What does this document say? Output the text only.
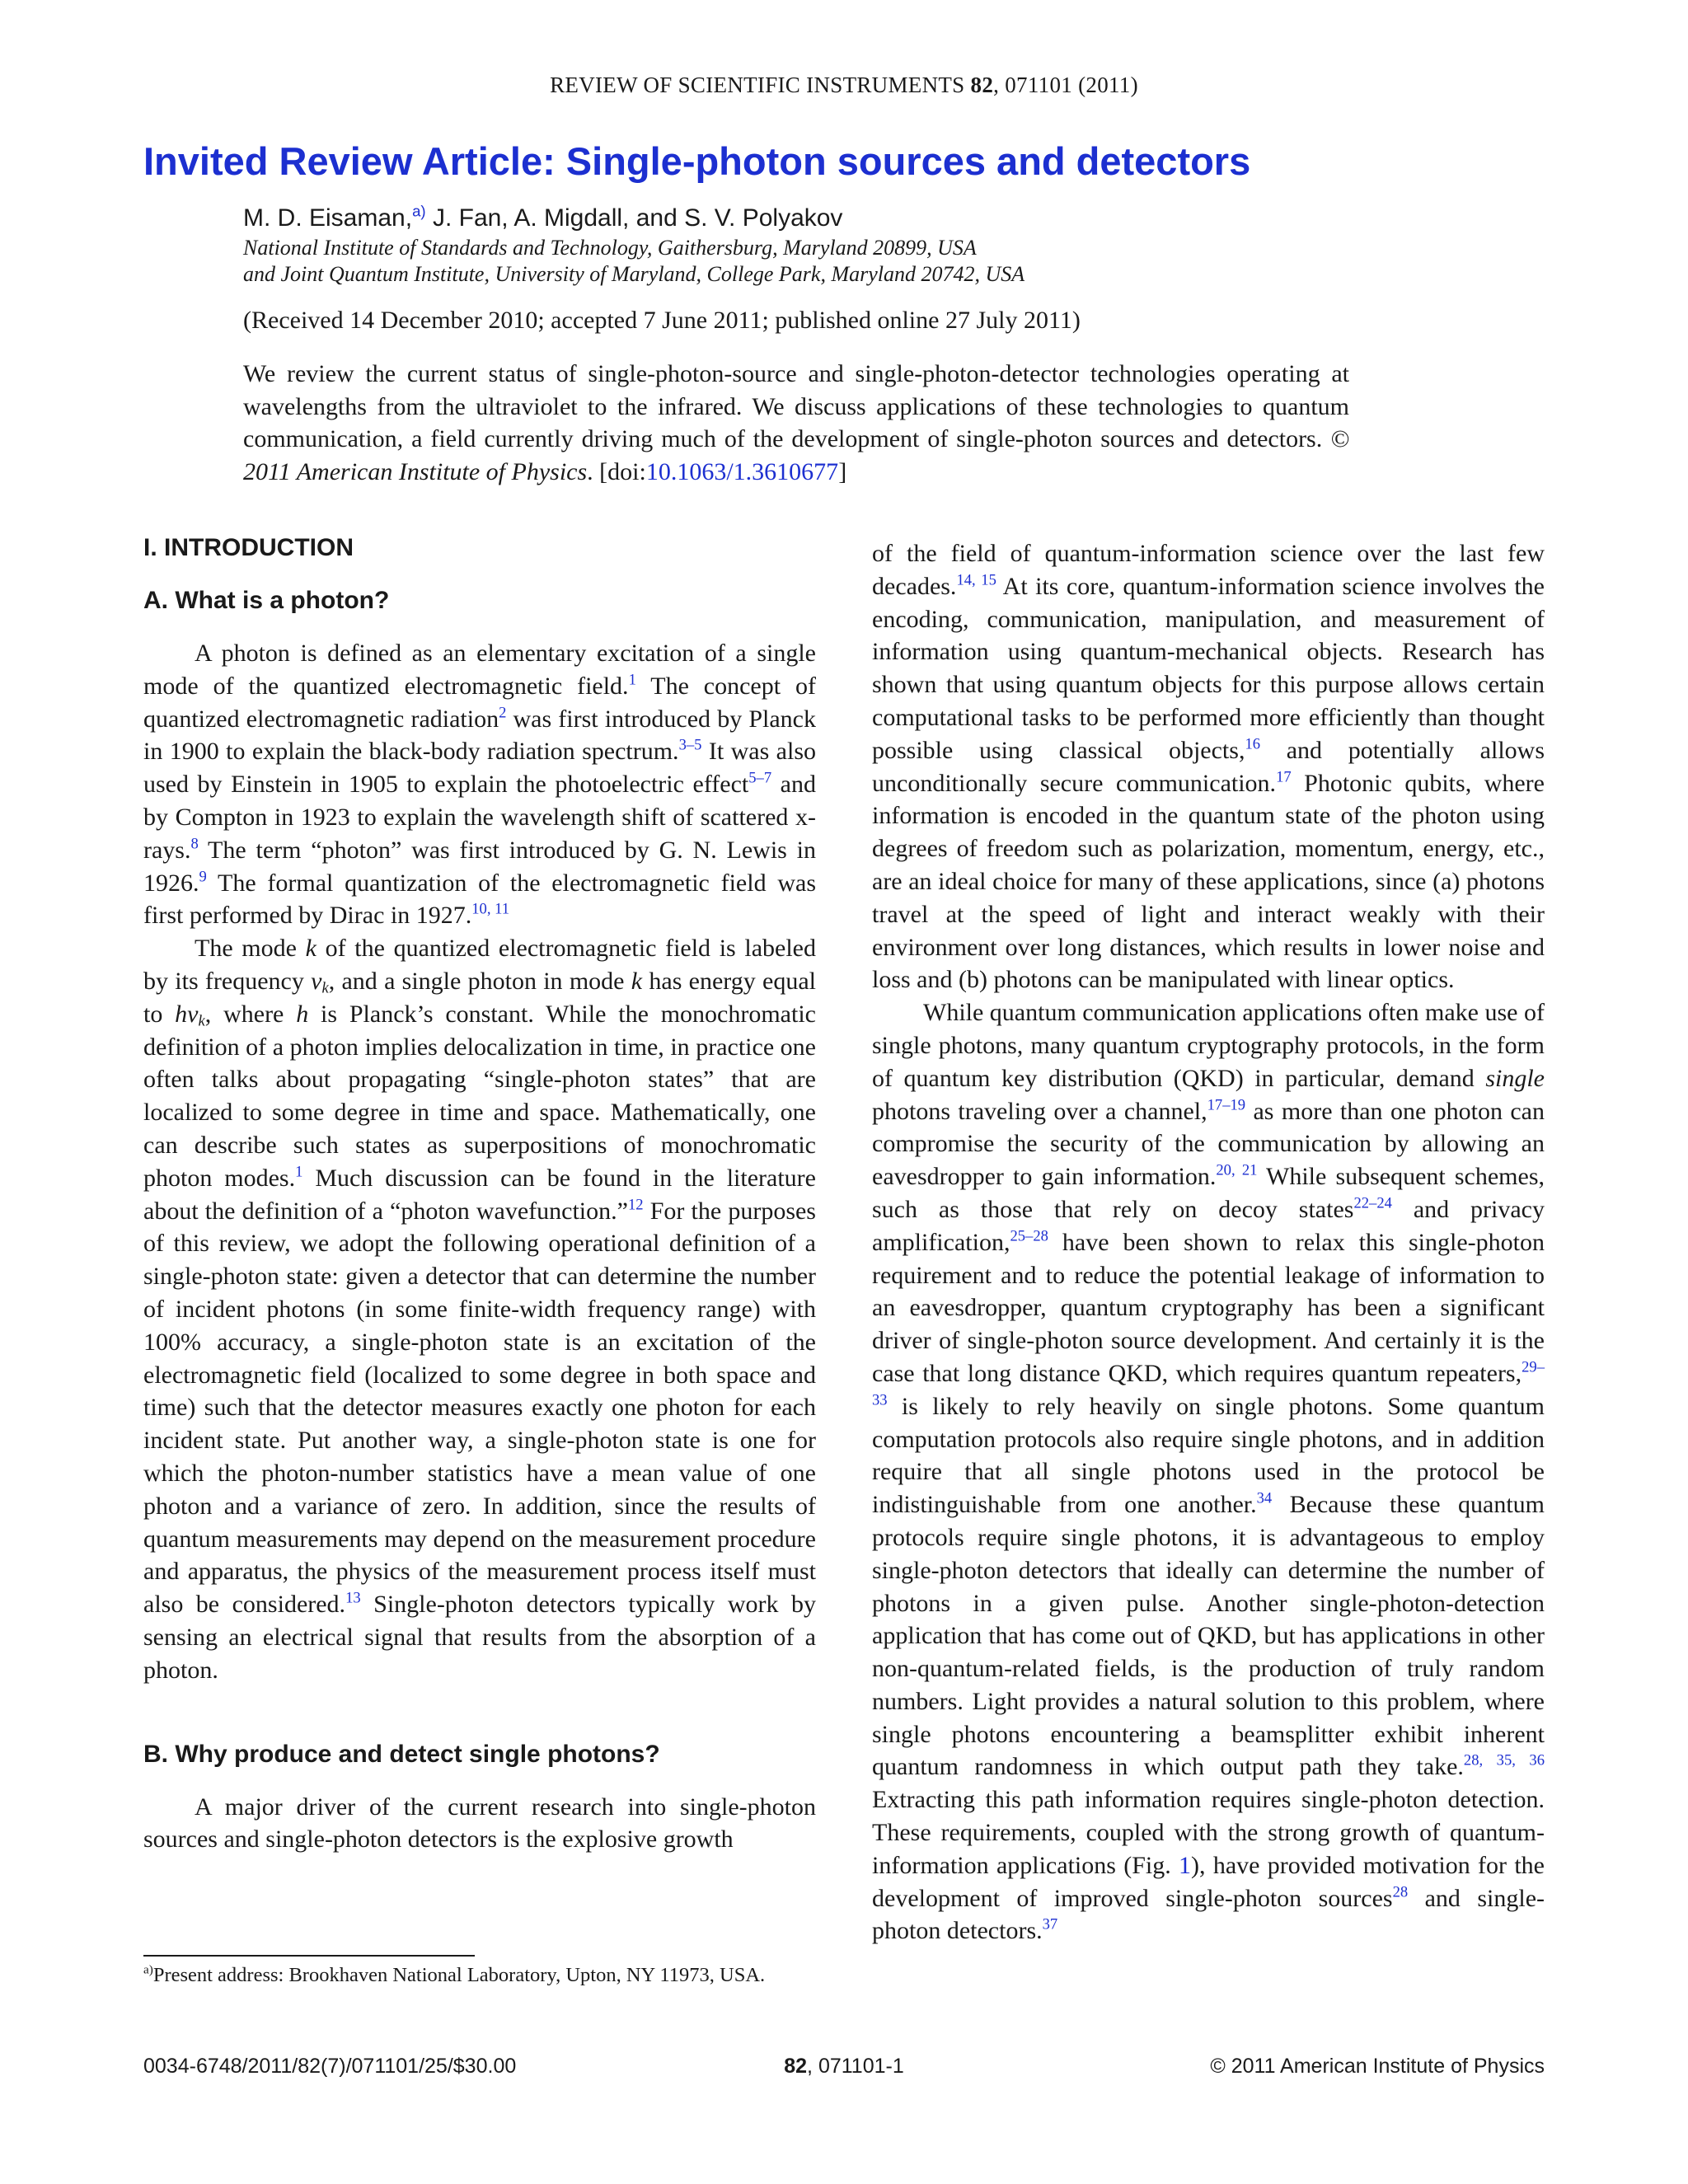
REVIEW OF SCIENTIFIC INSTRUMENTS 82, 071101 (2011)
Invited Review Article: Single-photon sources and detectors
M. D. Eisaman,$^{a)}$ J. Fan, A. Migdall, and S. V. Polyakov
National Institute of Standards and Technology, Gaithersburg, Maryland 20899, USA
and Joint Quantum Institute, University of Maryland, College Park, Maryland 20742, USA
(Received 14 December 2010; accepted 7 June 2011; published online 27 July 2011)

We review the current status of single-photon-source and single-photon-detector technologies operating at wavelengths from the ultraviolet to the infrared. We discuss applications of these technologies to quantum communication, a field currently driving much of the development of single-photon sources and detectors. © 2011 American Institute of Physics. [doi:10.1063/1.3610677]

I. INTRODUCTION
A. What is a photon?

A photon is defined as an elementary excitation of a single mode of the quantized electromagnetic field.$^1$ The concept of quantized electromagnetic radiation$^2$ was first introduced by Planck in 1900 to explain the black-body radiation spectrum.$^{3-5}$ It was also used by Einstein in 1905 to explain the photoelectric effect$^{5-7}$ and by Compton in 1923 to explain the wavelength shift of scattered x-rays.$^8$ The term “photon” was first introduced by G. N. Lewis in 1926.$^9$ The formal quantization of the electromagnetic field was first performed by Dirac in 1927.$^{10, 11}$

The mode k of the quantized electromagnetic field is labeled by its frequency $\nu_k$, and a single photon in mode k has energy equal to $h\nu_k$, where h is Planck’s constant. While the monochromatic definition of a photon implies delocalization in time, in practice one often talks about propagating “single-photon states” that are localized to some degree in time and space. Mathematically, one can describe such states as superpositions of monochromatic photon modes.$^1$ Much discussion can be found in the literature about the definition of a “photon wavefunction.”$^{12}$ For the purposes of this review, we adopt the following operational definition of a single-photon state: given a detector that can determine the number of incident photons (in some finite-width frequency range) with 100% accuracy, a single-photon state is an excitation of the electromagnetic field (localized to some degree in both space and time) such that the detector measures exactly one photon for each incident state. Put another way, a single-photon state is one for which the photon-number statistics have a mean value of one photon and a variance of zero. In addition, since the results of quantum measurements may depend on the measurement procedure and apparatus, the physics of the measurement process itself must also be considered.$^{13}$ Single-photon detectors typically work by sensing an electrical signal that results from the absorption of a photon.

B. Why produce and detect single photons?

A major driver of the current research into single-photon sources and single-photon detectors is the explosive growth

of the field of quantum-information science over the last few decades.$^{14, 15}$ At its core, quantum-information science involves the encoding, communication, manipulation, and measurement of information using quantum-mechanical objects. Research has shown that using quantum objects for this purpose allows certain computational tasks to be performed more efficiently than thought possible using classical objects,$^{16}$ and potentially allows unconditionally secure communication.$^{17}$ Photonic qubits, where information is encoded in the quantum state of the photon using degrees of freedom such as polarization, momentum, energy, etc., are an ideal choice for many of these applications, since (a) photons travel at the speed of light and interact weakly with their environment over long distances, which results in lower noise and loss and (b) photons can be manipulated with linear optics.

While quantum communication applications often make use of single photons, many quantum cryptography protocols, in the form of quantum key distribution (QKD) in particular, demand single photons traveling over a channel,$^{17-19}$ as more than one photon can compromise the security of the communication by allowing an eavesdropper to gain information.$^{20, 21}$ While subsequent schemes, such as those that rely on decoy states$^{22-24}$ and privacy amplification,$^{25-28}$ have been shown to relax this single-photon requirement and to reduce the potential leakage of information to an eavesdropper, quantum cryptography has been a significant driver of single-photon source development. And certainly it is the case that long distance QKD, which requires quantum repeaters,$^{29-33}$ is likely to rely heavily on single photons. Some quantum computation protocols also require single photons, and in addition require that all single photons used in the protocol be indistinguishable from one another.$^{34}$ Because these quantum protocols require single photons, it is advantageous to employ single-photon detectors that ideally can determine the number of photons in a given pulse. Another single-photon-detection application that has come out of QKD, but has applications in other non-quantum-related fields, is the production of truly random numbers. Light provides a natural solution to this problem, where single photons encountering a beamsplitter exhibit inherent quantum randomness in which output path they take.$^{28, 35, 36}$ Extracting this path information requires single-photon detection. These requirements, coupled with the strong growth of quantum-information applications (Fig. 1), have provided motivation for the development of improved single-photon sources$^{28}$ and single-photon detectors.$^{37}$

$^{a)}$Present address: Brookhaven National Laboratory, Upton, NY 11973, USA.
0034-6748/2011/82(7)/071101/25/$30.00	82, 071101-1	© 2011 American Institute of Physics
